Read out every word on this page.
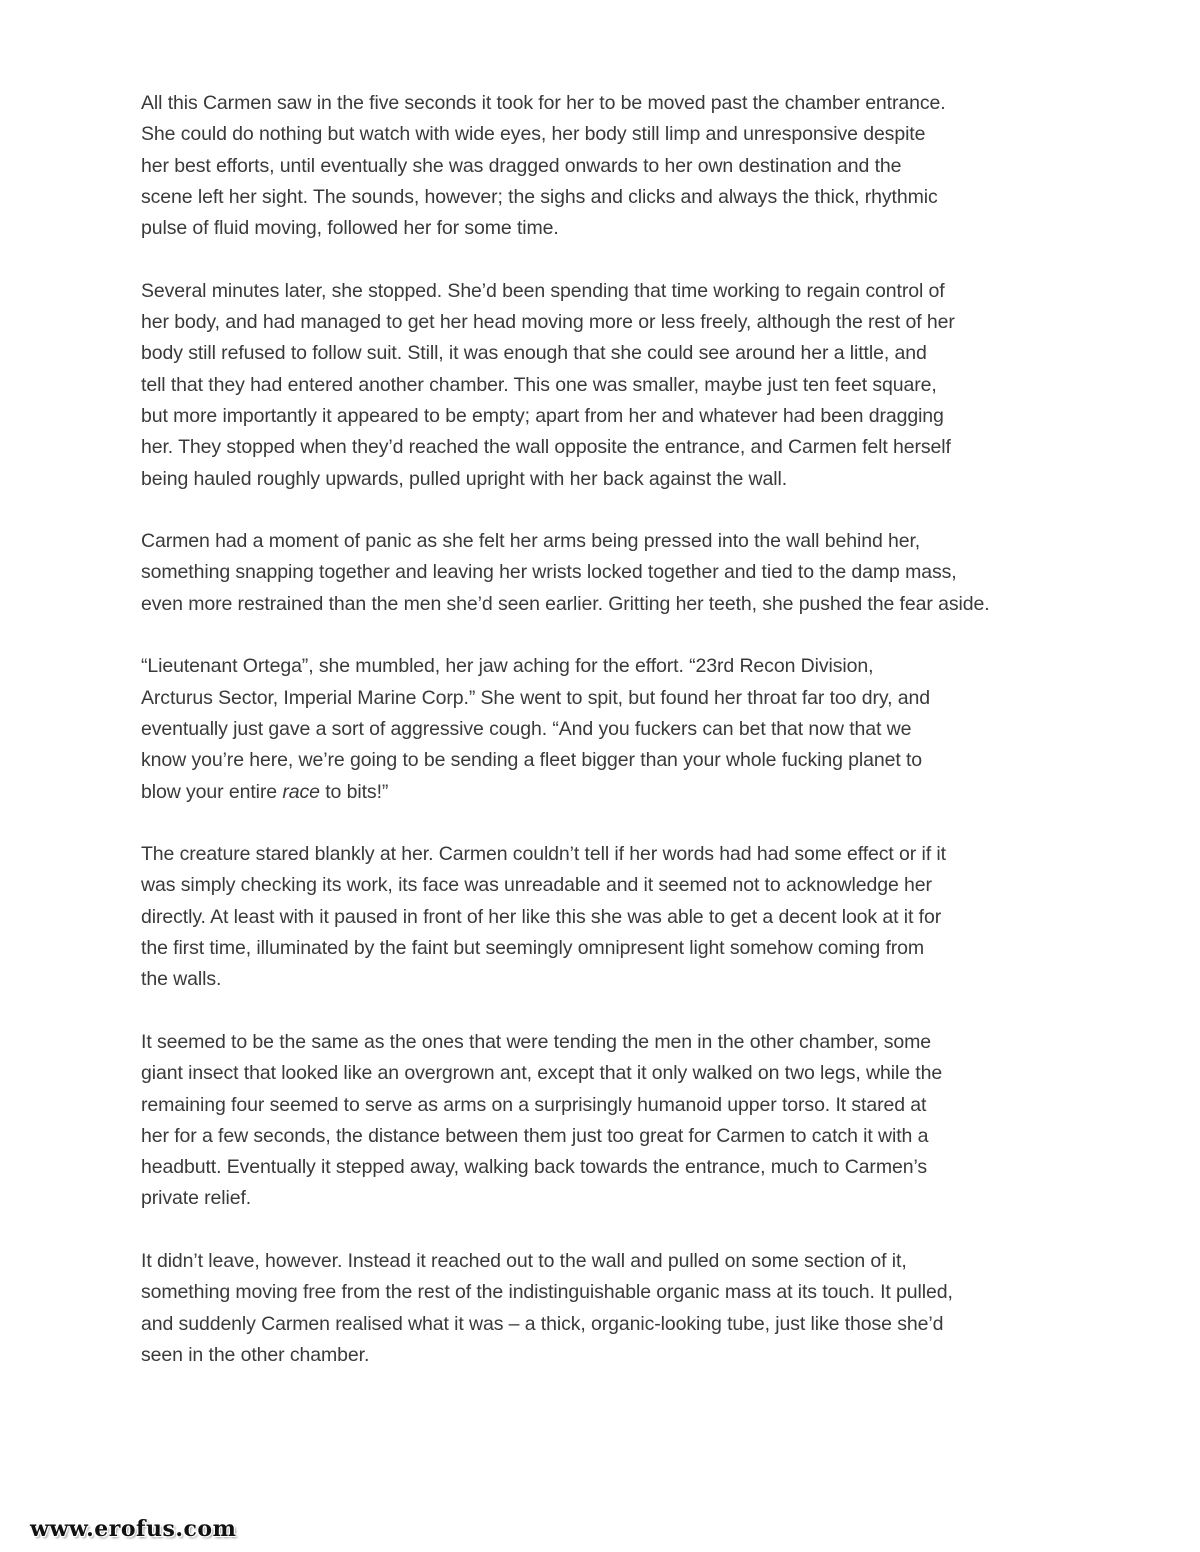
All this Carmen saw in the five seconds it took for her to be moved past the chamber entrance.
She could do nothing but watch with wide eyes, her body still limp and unresponsive despite
her best efforts, until eventually she was dragged onwards to her own destination and the
scene left her sight. The sounds, however; the sighs and clicks and always the thick, rhythmic
pulse of fluid moving, followed her for some time.

Several minutes later, she stopped. She’d been spending that time working to regain control of
her body, and had managed to get her head moving more or less freely, although the rest of her
body still refused to follow suit. Still, it was enough that she could see around her a little, and
tell that they had entered another chamber. This one was smaller, maybe just ten feet square,
but more importantly it appeared to be empty; apart from her and whatever had been dragging
her. They stopped when they’d reached the wall opposite the entrance, and Carmen felt herself
being hauled roughly upwards, pulled upright with her back against the wall.

Carmen had a moment of panic as she felt her arms being pressed into the wall behind her,
something snapping together and leaving her wrists locked together and tied to the damp mass,
even more restrained than the men she’d seen earlier. Gritting her teeth, she pushed the fear aside.

“Lieutenant Ortega”, she mumbled, her jaw aching for the effort. “23rd Recon Division,
Arcturus Sector, Imperial Marine Corp.” She went to spit, but found her throat far too dry, and
eventually just gave a sort of aggressive cough. “And you fuckers can bet that now that we
know you’re here, we’re going to be sending a fleet bigger than your whole fucking planet to
blow your entire race to bits!”

The creature stared blankly at her. Carmen couldn’t tell if her words had had some effect or if it
was simply checking its work, its face was unreadable and it seemed not to acknowledge her
directly. At least with it paused in front of her like this she was able to get a decent look at it for
the first time, illuminated by the faint but seemingly omnipresent light somehow coming from
the walls.

It seemed to be the same as the ones that were tending the men in the other chamber, some
giant insect that looked like an overgrown ant, except that it only walked on two legs, while the
remaining four seemed to serve as arms on a surprisingly humanoid upper torso. It stared at
her for a few seconds, the distance between them just too great for Carmen to catch it with a
headbutt. Eventually it stepped away, walking back towards the entrance, much to Carmen’s
private relief.

It didn’t leave, however. Instead it reached out to the wall and pulled on some section of it,
something moving free from the rest of the indistinguishable organic mass at its touch. It pulled,
and suddenly Carmen realised what it was – a thick, organic-looking tube, just like those she’d
seen in the other chamber.

www.erofus.com
